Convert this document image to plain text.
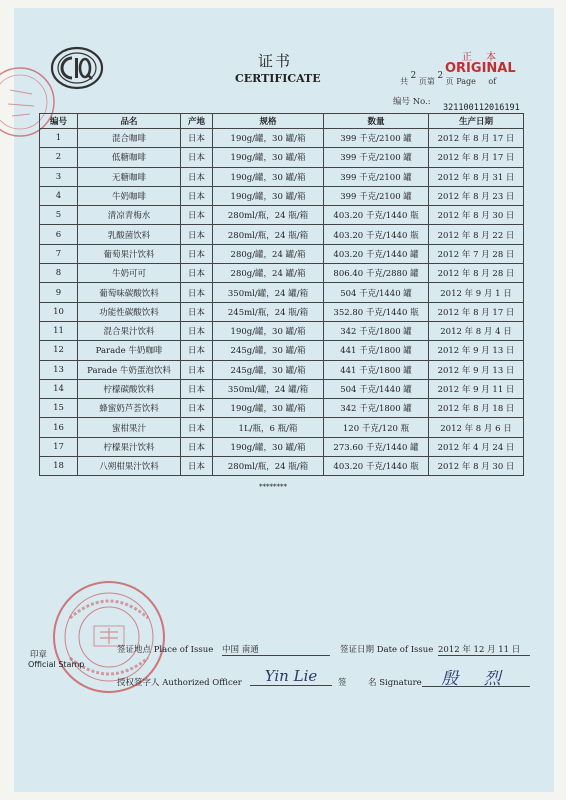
证书
CERTIFICATE
正本
ORIGINAL
共 2 页第 2 页 Page of
编号 No.:
321100112016191
编号	品名	产地	规格	数量	生产日期
1	混合咖啡	日本	190g/罐，30 罐/箱	399 千克/2100 罐	2012 年 8 月 17 日
2	低糖咖啡	日本	190g/罐，30 罐/箱	399 千克/2100 罐	2012 年 8 月 17 日
3	无糖咖啡	日本	190g/罐，30 罐/箱	399 千克/2100 罐	2012 年 8 月 31 日
4	牛奶咖啡	日本	190g/罐，30 罐/箱	399 千克/2100 罐	2012 年 8 月 23 日
5	清凉青梅水	日本	280ml/瓶，24 瓶/箱	403.20 千克/1440 瓶	2012 年 8 月 30 日
6	乳酸菌饮料	日本	280ml/瓶，24 瓶/箱	403.20 千克/1440 瓶	2012 年 8 月 22 日
7	葡萄果汁饮料	日本	280g/罐，24 罐/箱	403.20 千克/1440 罐	2012 年 7 月 28 日
8	牛奶可可	日本	280g/罐，24 罐/箱	806.40 千克/2880 罐	2012 年 8 月 28 日
9	葡萄味碳酸饮料	日本	350ml/罐，24 罐/箱	504 千克/1440 罐	2012 年 9 月 1 日
10	功能性碳酸饮料	日本	245ml/瓶，24 瓶/箱	352.80 千克/1440 瓶	2012 年 8 月 17 日
11	混合果汁饮料	日本	190g/罐，30 罐/箱	342 千克/1800 罐	2012 年 8 月 4 日
12	Parade 牛奶咖啡	日本	245g/罐，30 罐/箱	441 千克/1800 罐	2012 年 9 月 13 日
13	Parade 牛奶蛋泡饮料	日本	245g/罐，30 罐/箱	441 千克/1800 罐	2012 年 9 月 13 日
14	柠檬碳酸饮料	日本	350ml/罐，24 罐/箱	504 千克/1440 罐	2012 年 9 月 11 日
15	蜂蜜奶芦荟饮料	日本	190g/罐，30 罐/箱	342 千克/1800 罐	2012 年 8 月 18 日
16	蜜柑果汁	日本	1L/瓶，6 瓶/箱	120 千克/120 瓶	2012 年 8 月 6 日
17	柠檬果汁饮料	日本	190g/罐，30 罐/箱	273.60 千克/1440 罐	2012 年 4 月 24 日
18	八朔柑果汁饮料	日本	280ml/瓶，24 瓶/箱	403.20 千克/1440 瓶	2012 年 8 月 30 日
********
印章
Official Stamp
签证地点 Place of Issue 中国 南通	签证日期 Date of Issue 2012 年 12 月 11 日
授权签字人 Authorized Officer	Yin Lie	签	名 Signature	殷 烈
